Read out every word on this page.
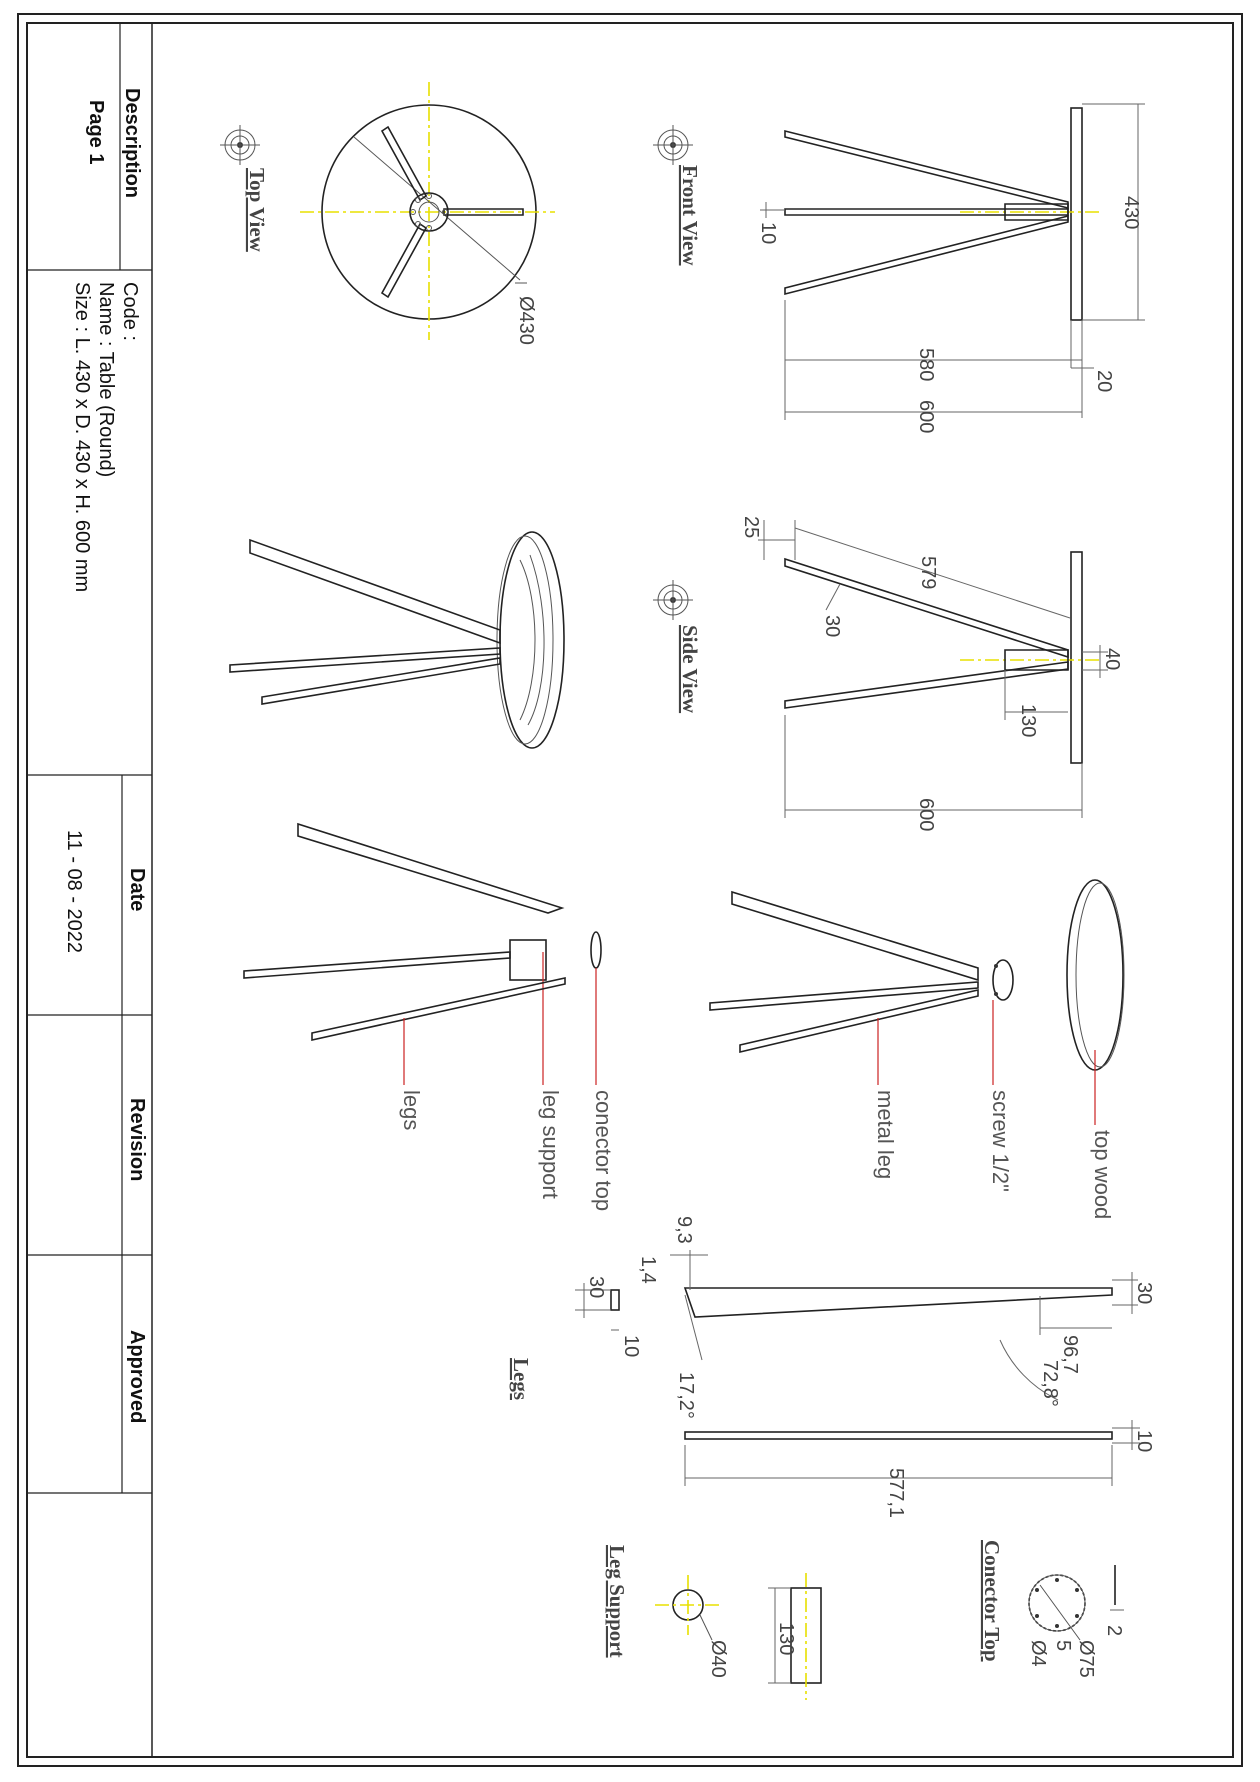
Description
Page 1
Code :
Name : Table (Round)
Size : L. 430 x D. 430 x H. 600 mm
Date
11 - 08 - 2022
Revision
Approved
430
580
600
20
10
Front View
Ø430
Top View
579
25
30
40
130
600
Side View
top wood
screw 1/2"
metal leg
conector top
leg support
legs
30
96,7
72,8°
10
577,1
9,3
17,2°
30
10
1,4
Legs
2
Ø75
5
Ø4
Conector Top
130
Ø40
Leg Support
